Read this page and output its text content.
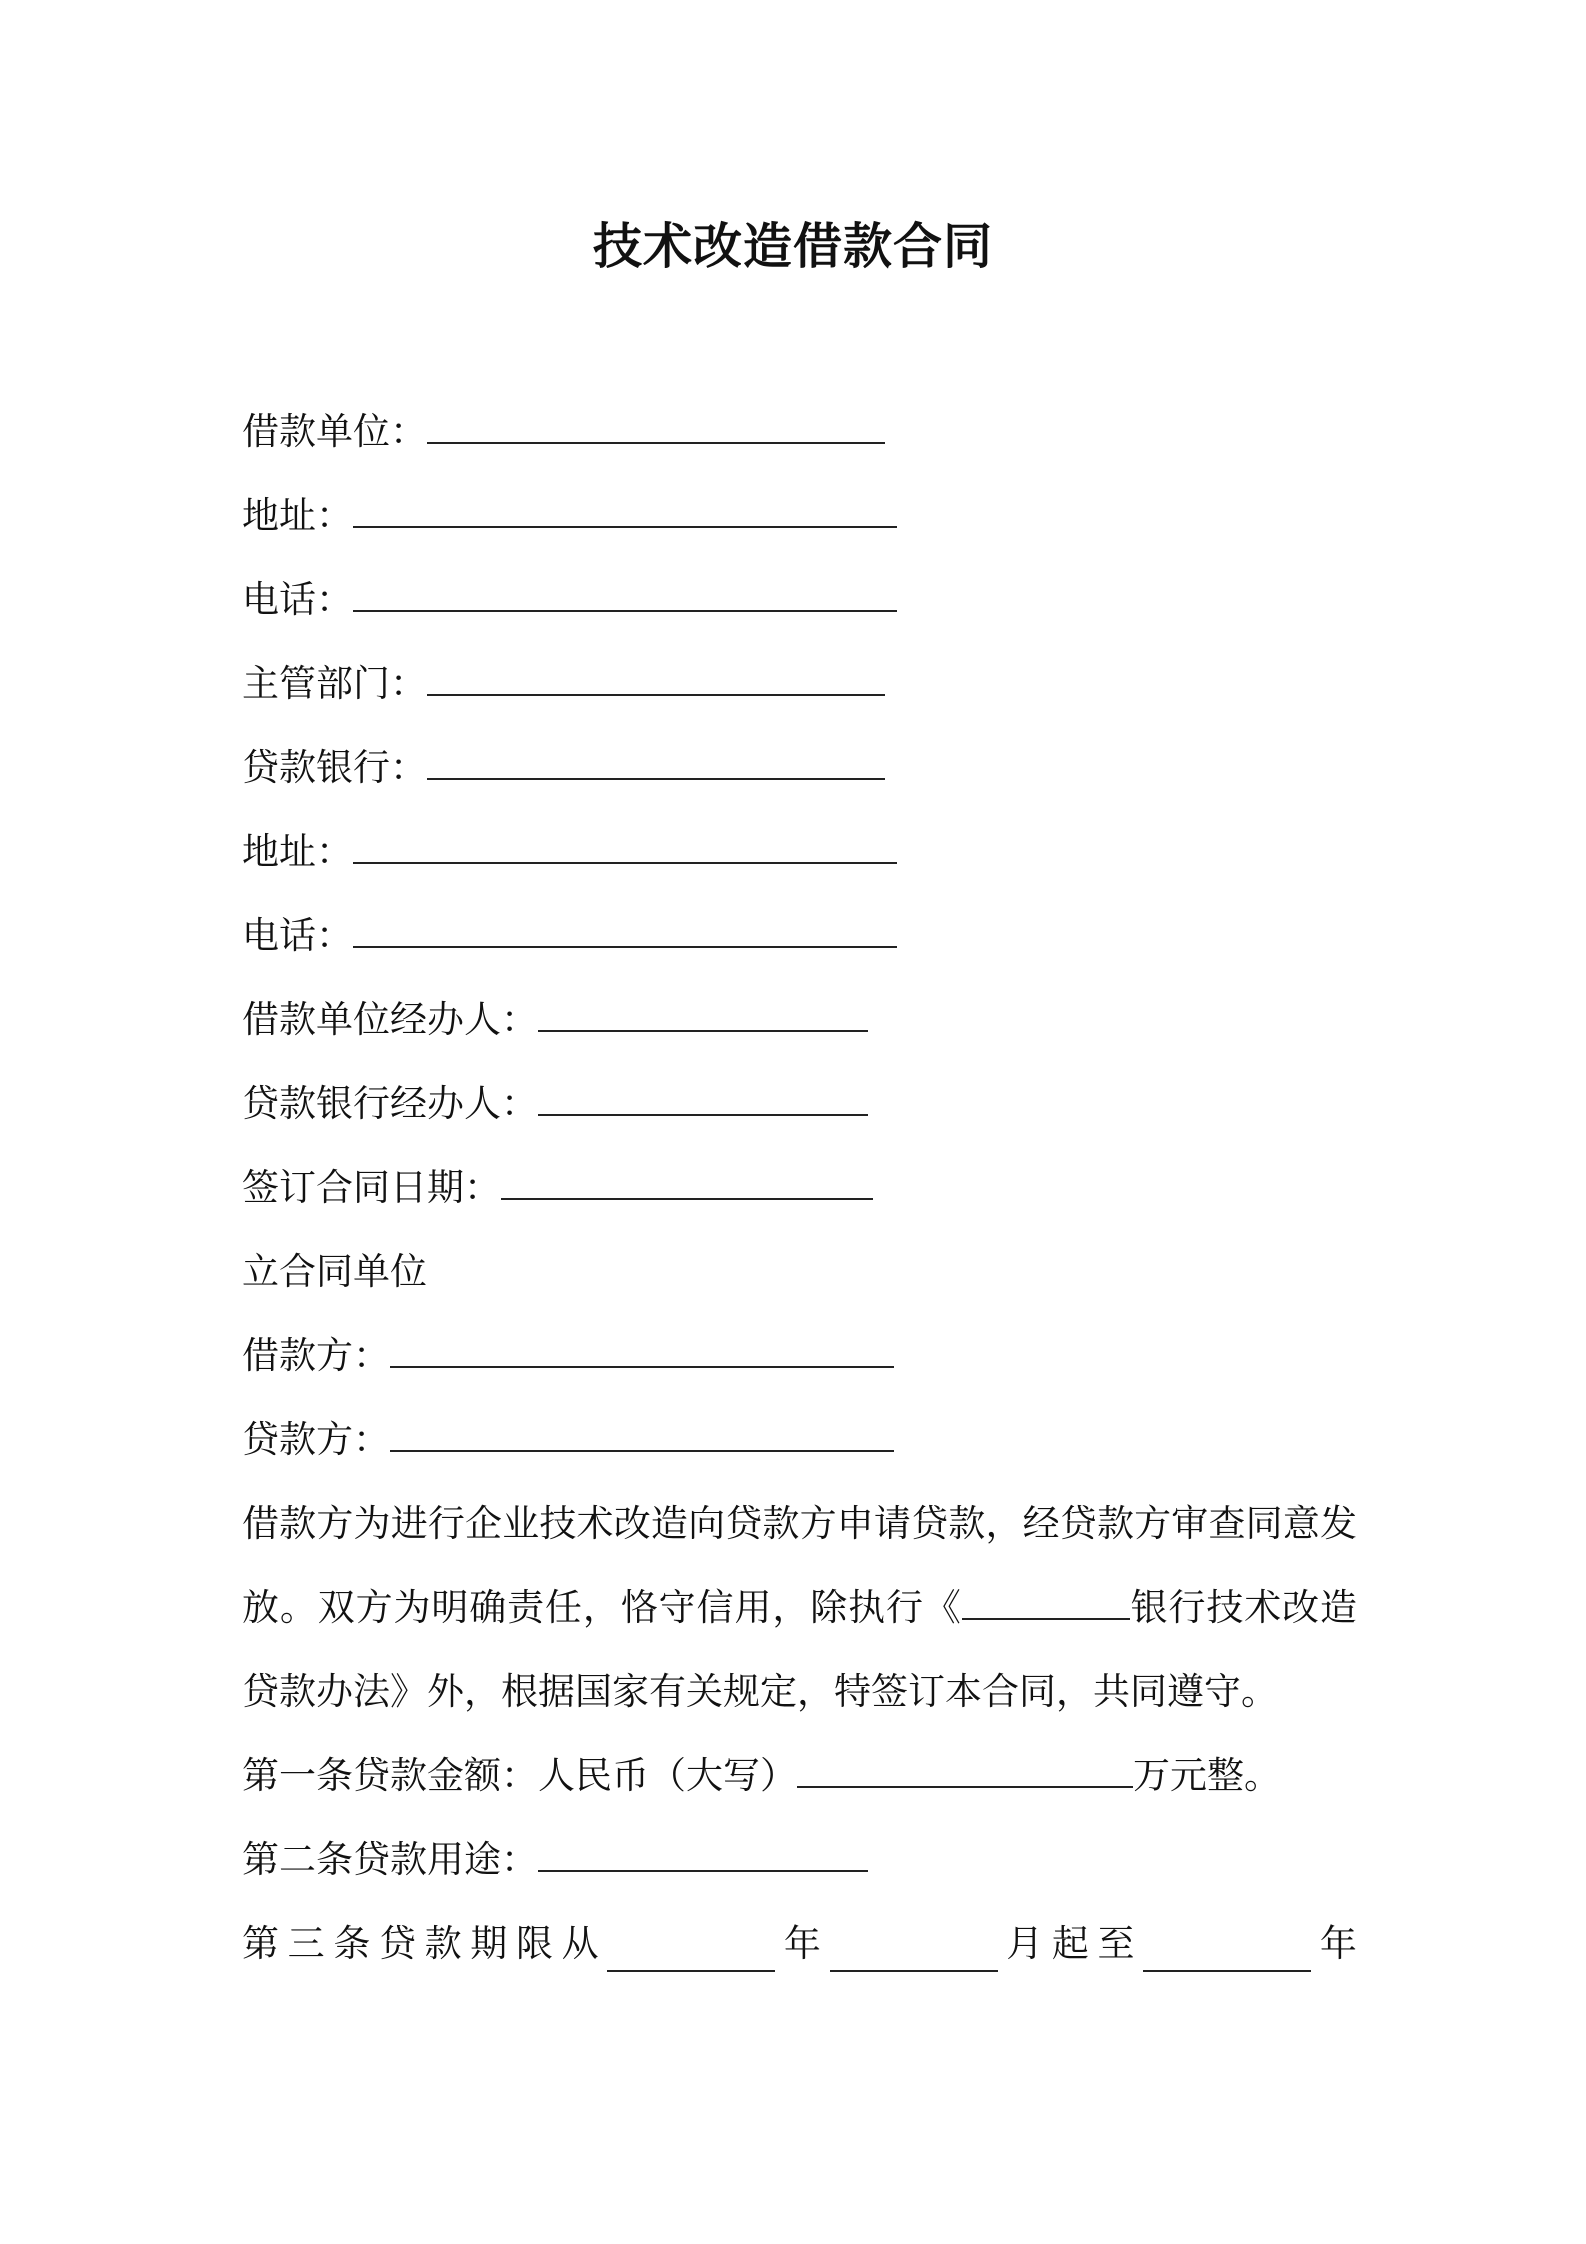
技术改造借款合同
借款单位：
地址：
电话：
主管部门：
贷款银行：
地址：
电话：
借款单位经办人：
贷款银行经办人：
签订合同日期：
立合同单位
借款方：
贷款方：
借款方为进行企业技术改造向贷款方申请贷款，经贷款方审查同意发放。双方为明确责任，恪守信用，除执行《	银行技术改造贷款办法》外，根据国家有关规定，特签订本合同，共同遵守。
第一条贷款金额：人民币（大写）	万元整。
第二条贷款用途：
第 三 条 贷 款 期 限 从	年	月 起 至	年
